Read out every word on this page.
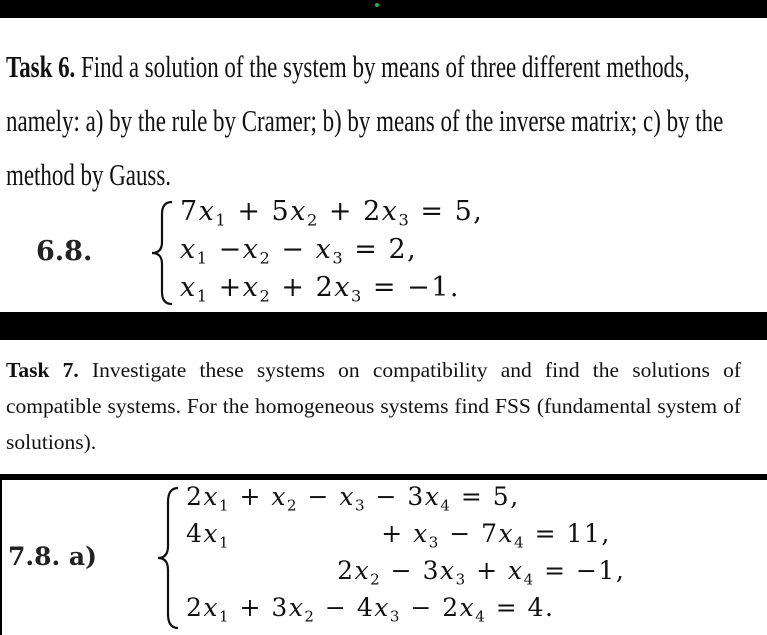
Task 6. Find a solution of the system by means of three different methods, namely: a) by the rule by Cramer; b) by means of the inverse matrix; c) by the method by Gauss.

6.8.
$7x_1 + 5x_2 + 2x_3 = 5$,
$x_1 -x_2 - x_3 = 2$,
$x_1 +x_2 + 2x_3 = -1$.

Task 7. Investigate these systems on compatibility and find the solutions of compatible systems. For the homogeneous systems find FSS (fundamental system of solutions).

7.8. a)
$2x_1 + x_2 - x_3 - 3x_4 = 5$,
$4x_1$                + $x_3 - 7x_4 = 11$,
$2x_2 - 3x_3 + x_4 = -1$,
$2x_1 + 3x_2 - 4x_3 - 2x_4 = 4$.
